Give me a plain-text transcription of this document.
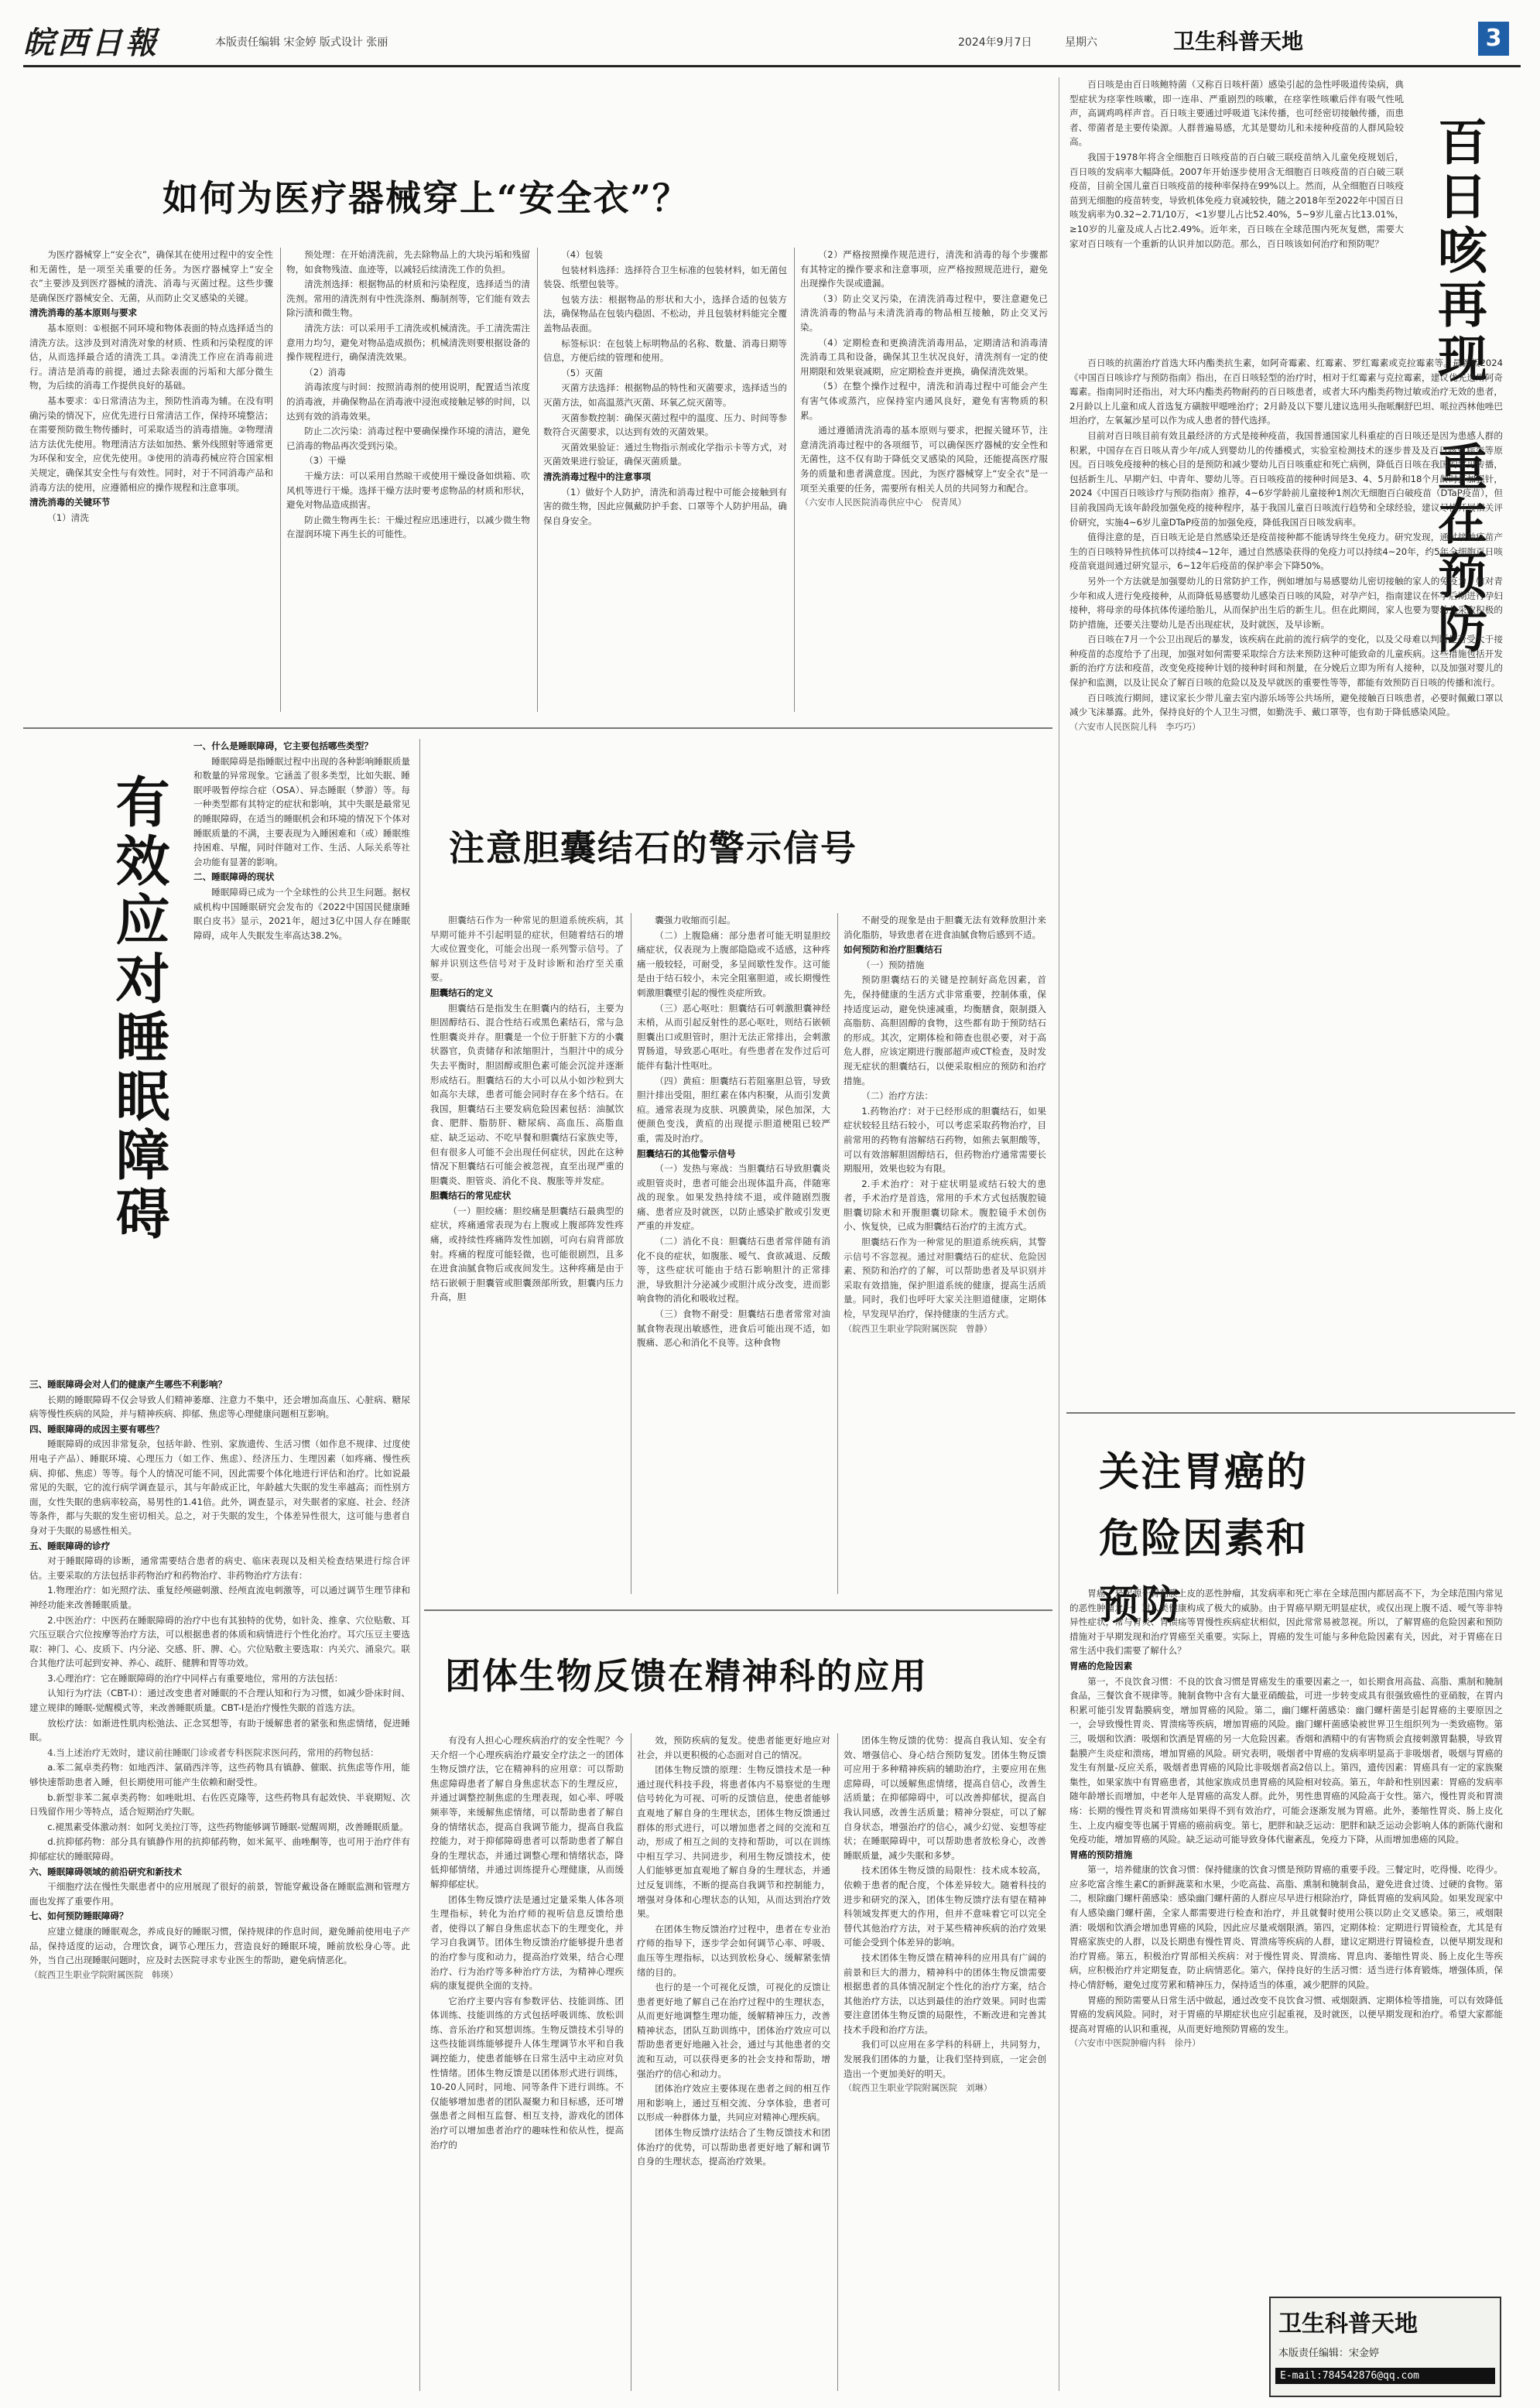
皖西日報	本版责任编辑 宋金婷 版式设计 张丽	2024年9月7日	星期六	卫生科普天地	3
如何为医疗器械穿上“安全衣”？

为医疗器械穿上“安全衣”，确保其在使用过程中的安全性和无菌性，是一项至关重要的任务。为医疗器械穿上“安全衣”主要涉及到医疗器械的清洗、消毒与灭菌过程。这些步骤是确保医疗器械安全、无菌，从而防止交叉感染的关键。

清洗消毒的基本原则与要求

基本原则：①根据不同环境和物体表面的特点选择适当的清洗方法。这涉及到对清洗对象的材质、性质和污染程度的评估，从而选择最合适的清洗工具。②清洗工作应在消毒前进行。清洁是消毒的前提，通过去除表面的污垢和大部分微生物，为后续的消毒工作提供良好的基础。

基本要求：①日常清洁为主，预防性消毒为辅。在没有明确污染的情况下，应优先进行日常清洁工作，保持环境整洁；在需要预防微生物传播时，可采取适当的消毒措施。②物理清洁方法优先使用。物理清洁方法如加热、紫外线照射等通常更为环保和安全，应优先使用。③使用的消毒药械应符合国家相关规定，确保其安全性与有效性。同时，对于不同消毒产品和消毒方法的使用，应遵循相应的操作规程和注意事项。

清洗消毒的关键环节

（1）清洗

预处理：在开始清洗前，先去除物品上的大块污垢和残留物，如食物残渣、血迹等，以减轻后续清洗工作的负担。

清洗剂选择：根据物品的材质和污染程度，选择适当的清洗剂。常用的清洗剂有中性洗涤剂、酶制剂等，它们能有效去除污渍和微生物。

清洗方法：可以采用手工清洗或机械清洗。手工清洗需注意用力均匀，避免对物品造成损伤；机械清洗则要根据设备的操作规程进行，确保清洗效果。

（2）消毒

消毒浓度与时间：按照消毒剂的使用说明，配置适当浓度的消毒液，并确保物品在消毒液中浸泡或接触足够的时间，以达到有效的消毒效果。

防止二次污染：消毒过程中要确保操作环境的清洁，避免已消毒的物品再次受到污染。

（3）干燥

干燥方法：可以采用自然晾干或使用干燥设备如烘箱、吹风机等进行干燥。选择干燥方法时要考虑物品的材质和形状，避免对物品造成损害。

防止微生物再生长：干燥过程应迅速进行，以减少微生物在湿润环境下再生长的可能性。

（4）包装

包装材料选择：选择符合卫生标准的包装材料，如无菌包装袋、纸塑包装等。

包装方法：根据物品的形状和大小，选择合适的包装方法，确保物品在包装内稳固、不松动，并且包装材料能完全覆盖物品表面。

标签标识：在包装上标明物品的名称、数量、消毒日期等信息，方便后续的管理和使用。

（5）灭菌

灭菌方法选择：根据物品的特性和灭菌要求，选择适当的灭菌方法，如高温蒸汽灭菌、环氧乙烷灭菌等。

灭菌参数控制：确保灭菌过程中的温度、压力、时间等参数符合灭菌要求，以达到有效的灭菌效果。

灭菌效果验证：通过生物指示剂或化学指示卡等方式，对灭菌效果进行验证，确保灭菌质量。

清洗消毒过程中的注意事项

（1）做好个人防护，清洗和消毒过程中可能会接触到有害的微生物，因此应佩戴防护手套、口罩等个人防护用品，确保自身安全。

（2）严格按照操作规范进行，清洗和消毒的每个步骤都有其特定的操作要求和注意事项，应严格按照规范进行，避免出现操作失误或遗漏。

（3）防止交叉污染，在清洗消毒过程中，要注意避免已清洗消毒的物品与未清洗消毒的物品相互接触，防止交叉污染。

（4）定期检查和更换清洗消毒用品，定期清洁和消毒清洗消毒工具和设备，确保其卫生状况良好，清洗剂有一定的使用期限和效果衰减期，应定期检查并更换，确保清洗效果。

（5）在整个操作过程中，清洗和消毒过程中可能会产生有害气体或蒸汽，应保持室内通风良好，避免有害物质的积累。

通过遵循清洗消毒的基本原则与要求，把握关键环节，注意清洗消毒过程中的各项细节，可以确保医疗器械的安全性和无菌性，这不仅有助于降低交叉感染的风险，还能提高医疗服务的质量和患者满意度。因此，为医疗器械穿上“安全衣”是一项至关重要的任务，需要所有相关人员的共同努力和配合。

（六安市人民医院消毒供应中心　倪青凤）	百日咳再现　重在预防

百日咳是由百日咳鲍特菌（又称百日咳杆菌）感染引起的急性呼吸道传染病，典型症状为痉挛性咳嗽，即一连串、严重剧烈的咳嗽，在痉挛性咳嗽后伴有吸气性吼声，高调鸡鸣样声音。百日咳主要通过呼吸道飞沫传播，也可经密切接触传播，而患者、带菌者是主要传染源。人群普遍易感，尤其是婴幼儿和未接种疫苗的人群风险较高。

我国于1978年将含全细胞百日咳疫苗的百白破三联疫苗纳入儿童免疫规划后，百日咳的发病率大幅降低。2007年开始逐步使用含无细胞百日咳疫苗的百白破三联疫苗，目前全国儿童百日咳疫苗的接种率保持在99%以上。然而，从全细胞百日咳疫苗到无细胞的疫苗转变，导致机体免疫力衰减较快，随之2018年至2022年中国百日咳发病率为0.32~2.71/10万，<1岁婴儿占比52.40%，5~9岁儿童占比13.01%，≥10岁的儿童及成人占比2.49%。近年来，百日咳在全球范围内死灰复燃，需要大家对百日咳有一个重新的认识并加以防范。那么，百日咳该如何治疗和预防呢？

百日咳的抗菌治疗首选大环内酯类抗生素，如阿奇霉素、红霉素、罗红霉素或克拉霉素等。最新版2024《中国百日咳诊疗与预防指南》指出，在百日咳轻型的治疗时，相对于红霉素与克拉霉素，建议优先选用阿奇霉素。指南同时还指出，对大环内酯类药物耐药的百日咳患者，或者大环内酯类药物过敏或治疗无效的患者，2月龄以上儿童和成人首选复方磺胺甲噁唑治疗；2月龄及以下婴儿建议选用头孢哌酮舒巴坦、哌拉西林他唑巴坦治疗，左氧氟沙星可以作为成人患者的替代选择。

目前对百日咳目前有效且最经济的方式是接种疫苗，我国普通国家儿科重症的百日咳还是因为患感人群的积累，中国存在百日咳从青少年/成人到婴幼儿的传播模式，实验室检测技术的逐步普及及百日咳致病变等原因。百日咳免疫接种的核心目的是预防和减少婴幼儿百日咳重症和死亡病例，降低百日咳在我国的常见传播，包括新生儿、早期产妇、中青年、婴幼儿等。百日咳疫苗的接种时间是3、4、5月龄和18个月龄时打加强针，2024《中国百日咳诊疗与预防指南》推荐，4~6岁学龄前儿童接种1剂次无细胞百白破疫苗（DTaP疫苗），但目前我国尚无该年龄段加强免疫的接种程序，基于我国儿童百日咳流行趋势和全球经验，建议尽快开展相关评价研究，实施4~6岁儿童DTaP疫苗的加强免疫，降低我国百日咳发病率。

值得注意的是，百日咳无论是自然感染还是疫苗接种都不能诱导终生免疫力。研究发现，通过接种疫苗产生的百日咳特异性抗体可以持续4~12年，通过自然感染获得的免疫力可以持续4~20年，约5年全细胞百日咳疫苗衰退间通过研究显示，6~12年后疫苗的保护率会下降50%。

另外一个方法就是加强婴幼儿的日常防护工作，例如增加与易感婴幼儿密切接触的家人的免疫力，如对青少年和成人进行免疫接种，从而降低易感婴幼儿感染百日咳的风险，对孕产妇，指南建议在怀孕后期进行孕妇接种，将母亲的母体抗体传递给胎儿，从而保护出生后的新生儿。但在此期间，家人也要为婴幼儿采取积极的防护措施，还要关注婴幼儿是否出现症状，及时就医，及早诊断。

百日咳在7月一个公卫出现后的暴发，该疾病在此前的流行病学的变化，以及父母难以判断是否受大于接种疫苗的态度给予了出现，加强对如何需要采取综合方法来预防这种可能致命的儿童疾病。这些措施包括开发新的治疗方法和疫苗，改变免疫接种计划的接种时间和剂量，在分娩后立即为所有人接种，以及加强对婴儿的保护和监测，以及让民众了解百日咳的危险以及及早就医的重要性等等，都能有效预防百日咳的传播和流行。

百日咳流行期间，建议家长少带儿童去室内游乐场等公共场所，避免接触百日咳患者，必要时佩戴口罩以减少飞沫暴露。此外，保持良好的个人卫生习惯，如勤洗手、戴口罩等，也有助于降低感染风险。

（六安市人民医院儿科　李巧巧）

有效应对睡眠障碍

一、什么是睡眠障碍，它主要包括哪些类型？

睡眠障碍是指睡眠过程中出现的各种影响睡眠质量和数量的异常现象。它涵盖了很多类型，比如失眠、睡眠呼吸暂停综合症（OSA）、异态睡眠（梦游）等。每一种类型都有其特定的症状和影响，其中失眠是最常见的睡眠障碍，在适当的睡眠机会和环境的情况下个体对睡眠质量的不满，主要表现为入睡困难和（或）睡眠维持困难、早醒，同时伴随对工作、生活、人际关系等社会功能有显著的影响。

二、睡眠障碍的现状

睡眠障碍已成为一个全球性的公共卫生问题。据权威机构中国睡眠研究会发布的《2022中国国民健康睡眠白皮书》显示，2021年，超过3亿中国人存在睡眠障碍，成年人失眠发生率高达38.2%。

三、睡眠障碍会对人们的健康产生哪些不利影响？

长期的睡眠障碍不仅会导致人们精神萎靡、注意力不集中，还会增加高血压、心脏病、糖尿病等慢性疾病的风险，并与精神疾病、抑郁、焦虑等心理健康问题相互影响。

四、睡眠障碍的成因主要有哪些？

睡眠障碍的成因非常复杂，包括年龄、性别、家族遗传、生活习惯（如作息不规律、过度使用电子产品）、睡眠环境、心理压力（如工作、焦虑）、经济压力、生理因素（如疼痛、慢性疾病、抑郁、焦虑）等等。每个人的情况可能不同，因此需要个体化地进行评估和治疗。比如说最常见的失眠，它的流行病学调查显示，其与年龄成正比，年龄越大失眠的发生率越高；而性别方面，女性失眠的患病率较高，易男性的1.41倍。此外，调查显示，对失眠者的家庭、社会、经济等条件，都与失眠的发生密切相关。总之，对于失眠的发生，个体差异性很大，这可能与患者自身对于失眠的易感性相关。

五、睡眠障碍的诊疗

对于睡眠障碍的诊断，通常需要结合患者的病史、临床表现以及相关检查结果进行综合评估。主要采取的方法包括非药物治疗和药物治疗、非药物治疗方法有：

1.物理治疗：如光照疗法、重复经颅磁刺激、经颅直流电刺激等，可以通过调节生理节律和神经功能来改善睡眠质量。

2.中医治疗：中医药在睡眠障碍的治疗中也有其独特的优势，如针灸、推拿、穴位贴敷、耳穴压豆联合穴位按摩等治疗方法，可以根据患者的体质和病情进行个性化治疗。耳穴压豆主要选取：神门、心、皮质下、内分泌、交感、肝、脾、心。穴位贴敷主要选取：内关穴、涌泉穴。联合其他疗法可起到安神、养心、疏肝、健脾和胃等功效。

3.心理治疗：它在睡眠障碍的治疗中同样占有重要地位，常用的方法包括：

认知行为疗法（CBT-I）：通过改变患者对睡眠的不合理认知和行为习惯，如减少卧床时间、建立规律的睡眠-觉醒模式等，来改善睡眠质量。CBT-I是治疗慢性失眠的首选方法。

放松疗法：如渐进性肌肉松弛法、正念冥想等，有助于缓解患者的紧张和焦虑情绪，促进睡眠。

4.当上述治疗无效时，建议前往睡眠门诊或者专科医院求医问药，常用的药物包括：

a.苯二氮卓类药物：如地西泮、氯硝西泮等，这些药物具有镇静、催眠、抗焦虑等作用，能够快速帮助患者入睡，但长期使用可能产生依赖和耐受性。

b.新型非苯二氮卓类药物：如唑吡坦、右佐匹克隆等，这些药物具有起效快、半衰期短、次日残留作用少等特点，适合短期治疗失眠。

c.褪黑素受体激动剂：如阿戈美拉汀等，这些药物能够调节睡眠-觉醒周期，改善睡眠质量。

d.抗抑郁药物：部分具有镇静作用的抗抑郁药物，如米氮平、曲唑酮等，也可用于治疗伴有抑郁症状的睡眠障碍。

六、睡眠障碍领域的前沿研究和新技术

干细胞疗法在慢性失眠患者中的应用展现了很好的前景，智能穿戴设备在睡眠监测和管理方面也发挥了重要作用。

七、如何预防睡眠障碍？

应建立健康的睡眠观念，养成良好的睡眠习惯，保持规律的作息时间，避免睡前使用电子产品，保持适度的运动，合理饮食，调节心理压力，营造良好的睡眠环境，睡前放松身心等。此外，当自己出现睡眠问题时，应及时去医院寻求专业医生的帮助，避免病情恶化。

（皖西卫生职业学院附属医院　韩瑛）

注意胆囊结石的警示信号

胆囊结石作为一种常见的胆道系统疾病，其早期可能并不引起明显的症状，但随着结石的增大或位置变化，可能会出现一系列警示信号。了解并识别这些信号对于及时诊断和治疗至关重要。

胆囊结石的定义

胆囊结石是指发生在胆囊内的结石，主要为胆固醇结石、混合性结石或黑色素结石，常与急性胆囊炎并存。胆囊是一个位于肝脏下方的小囊状器官，负责储存和浓缩胆汁，当胆汁中的成分失去平衡时，胆固醇或胆色素可能会沉淀并逐渐形成结石。胆囊结石的大小可以从小如沙粒到大如高尔夫球，患者可能会同时存在多个结石。在我国，胆囊结石主要发病危险因素包括：油腻饮食、肥胖、脂肪肝、糖尿病、高血压、高脂血症、缺乏运动、不吃早餐和胆囊结石家族史等，但有很多人可能不会出现任何症状，因此在这种情况下胆囊结石可能会被忽视，直至出现严重的胆囊炎、胆管炎、消化不良、腹胀等并发症。

胆囊结石的常见症状

（一）胆绞痛：胆绞痛是胆囊结石最典型的症状，疼痛通常表现为右上腹或上腹部阵发性疼痛，或持续性疼痛阵发性加剧，可向右肩背部放射。疼痛的程度可能轻微，也可能很剧烈，且多在进食油腻食物后或夜间发生。这种疼痛是由于结石嵌顿于胆囊管或胆囊颈部所致，胆囊内压力升高，胆

囊强力收缩而引起。

（二）上腹隐痛：部分患者可能无明显胆绞痛症状，仅表现为上腹部隐隐或不适感，这种疼痛一般较轻，可耐受，多呈间歇性发作。这可能是由于结石较小，未完全阻塞胆道，或长期慢性刺激胆囊壁引起的慢性炎症所致。

（三）恶心呕吐：胆囊结石可刺激胆囊神经末梢，从而引起反射性的恶心呕吐，则结石嵌顿胆囊出口或胆管时，胆汁无法正常排出，会刺激胃肠道，导致恶心呕吐。有些患者在发作过后可能伴有黏汁性呕吐。

（四）黄疸：胆囊结石若阻塞胆总管，导致胆汁排出受阻，胆红素在体内积聚，从而引发黄疸。通常表现为皮肤、巩膜黄染，尿色加深，大便颜色变浅，黄疸的出现提示胆道梗阻已较严重，需及时治疗。

胆囊结石的其他警示信号

（一）发热与寒战：当胆囊结石导致胆囊炎或胆管炎时，患者可能会出现体温升高，伴随寒战的现象。如果发热持续不退，或伴随剧烈腹痛、患者应及时就医，以防止感染扩散或引发更严重的并发症。

（二）消化不良：胆囊结石患者常伴随有消化不良的症状，如腹胀、嗳气、食欲减退、反酸等，这些症状可能由于结石影响胆汁的正常排泄，导致胆汁分泌减少或胆汁成分改变，进而影响食物的消化和吸收过程。

（三）食物不耐受：胆囊结石患者常常对油腻食物表现出敏感性，进食后可能出现不适，如腹痛、恶心和消化不良等。这种食物

不耐受的现象是由于胆囊无法有效释放胆汁来消化脂肪，导致患者在进食油腻食物后感到不适。

如何预防和治疗胆囊结石

（一）预防措施

预防胆囊结石的关键是控制好高危因素，首先，保持健康的生活方式非常重要，控制体重，保持适度运动，避免快速减重，均衡膳食，限制摄入高脂肪、高胆固醇的食物，这些都有助于预防结石的形成。其次，定期体检和筛查也很必要，对于高危人群，应该定期进行腹部超声或CT检查，及时发现无症状的胆囊结石，以便采取相应的预防和治疗措施。

（二）治疗方法：

1.药物治疗：对于已经形成的胆囊结石，如果症状较轻且结石较小，可以考虑采取药物治疗，目前常用的药物有溶解结石药物，如熊去氧胆酸等，可以有效溶解胆固醇结石，但药物治疗通常需要长期服用，效果也较为有限。

2.手术治疗：对于症状明显或结石较大的患者，手术治疗是首选，常用的手术方式包括腹腔镜胆囊切除术和开腹胆囊切除术。腹腔镜手术创伤小、恢复快，已成为胆囊结石治疗的主流方式。

胆囊结石作为一种常见的胆道系统疾病，其警示信号不容忽视。通过对胆囊结石的症状、危险因素、预防和治疗的了解，可以帮助患者及早识别并采取有效措施，保护胆道系统的健康，提高生活质量。同时，我们也呼吁大家关注胆道健康，定期体检，早发现早治疗，保持健康的生活方式。

（皖西卫生职业学院附属医院　曾静）

团体生物反馈在精神科的应用

有没有人担心心理疾病治疗的安全性呢？今天介绍一个心理疾病治疗最安全疗法之一的团体生物反馈疗法，它在精神科的应用章：可以帮助焦虑障碍患者了解自身焦虑状态下的生理反应，并通过调整控制焦虑的生理表现，如心率、呼吸频率等，来缓解焦虑情绪，可以帮助患者了解自身的情绪状态，提高自我调节能力，提高自我监控能力，对于抑郁障碍患者可以帮助患者了解自身的生理状态，并通过调整心理和情绪状态，降低抑郁情绪，并通过训练提升心理健康，从而缓解抑郁症状。

团体生物反馈疗法是通过定量采集人体各项生理指标，转化为治疗师的视听信息反馈给患者，使得以了解自身焦虑状态下的生理变化，并学习自我调节。团体生物反馈治疗能够提升患者的治疗参与度和动力，提高治疗效果，结合心理治疗、行为治疗等多种治疗方法，为精神心理疾病的康复提供全面的支持。

它治疗主要内容有参数评估、技能训练、团体训练、技能训练的方式包括呼吸训练、放松训练、音乐治疗和冥想训练。生物反馈技术引导的这些技能训练能够提升人体生理调节水平和自我调控能力，使患者能够在日常生活中主动应对负性情绪。团体生物反馈是以团体形式进行训练，10-20人同时，同地、同等条件下进行训练。不仅能够增加患者的团队凝聚力和目标感，还可增强患者之间相互监督、相互支持，游戏化的团体治疗可以增加患者治疗的趣味性和依从性，提高治疗的

效，预防疾病的复发。使患者能更好地应对社会，并以更积极的心态面对自己的情况。

团体生物反馈的原理：生物反馈技术是一种通过现代科技手段，将患者体内不易察觉的生理信号转化为可视、可听的反馈信息，使患者能够直观地了解自身的生理状态，团体生物反馈通过群体的形式进行，可以增加患者之间的交流和互动，形成了相互之间的支持和帮助，可以在训练中相互学习、共同进步，利用生物反馈技术，使人们能够更加直观地了解自身的生理状态，并通过反复训练，不断的提高自我调节和控制能力，增强对身体和心理状态的认知，从而达到治疗效果。

在团体生物反馈治疗过程中，患者在专业治疗师的指导下，逐步学会如何调节心率、呼吸、血压等生理指标，以达到放松身心、缓解紧张情绪的目的。

也行的是一个可视化反馈，可视化的反馈让患者更好地了解自己在治疗过程中的生理状态，从而更好地调整生理功能，缓解精神压力，改善精神状态，团队互助训练中，团体治疗效应可以帮助患者更好地融入社会，通过与其他患者的交流和互动，可以获得更多的社会支持和帮助，增强治疗的信心和动力。

团体治疗效应主要体现在患者之间的相互作用和影响上，通过互相交流、分享体验，患者可以形成一种群体力量，共同应对精神心理疾病。

团体生物反馈疗法结合了生物反馈技术和团体治疗的优势，可以帮助患者更好地了解和调节自身的生理状态，提高治疗效果。

团体生物反馈的优势：提高自我认知、安全有效、增强信心、身心结合预防复发。团体生物反馈可应用于多种精神疾病的辅助治疗，主要应用在焦虑障碍，可以缓解焦虑情绪，提高自信心，改善生活质量；在抑郁障碍中，可以改善抑郁状，提高自我认同感，改善生活质量；精神分裂症，可以了解自身状态，增强治疗的信心，减少幻觉、妄想等症状；在睡眠障碍中，可以帮助患者放松身心，改善睡眠质量，减少失眠和多梦。

技术团体生物反馈的局限性：技术成本较高，依赖于患者的配合度，个体差异较大。随着科技的进步和研究的深入，团体生物反馈疗法有望在精神科领域发挥更大的作用，但并不意味着它可以完全替代其他治疗方法，对于某些精神疾病的治疗效果可能会受到个体差异的影响。

技术团体生物反馈在精神科的应用具有广阔的前景和巨大的潜力，精神科中的团体生物反馈需要根据患者的具体情况制定个性化的治疗方案，结合其他治疗方法，以达到最佳的治疗效果。同时也需要注意团体生物反馈的局限性，不断改进和完善其技术手段和治疗方法。

我们可以应用在多学科的科研上，共同努力，发展我们团体的力量，让我们坚持到底，一定会创造出一个更加美好的明天。

（皖西卫生职业学院附属医院　刘琳）

关注胃癌的危险因素和预防

胃癌，是起源于胃黏膜上皮的恶性肿瘤，其发病率和死亡率在全球范围内都居高不下，为全球范围内常见的恶性肿瘤之一，对人类健康构成了极大的威胁。由于胃癌早期无明显症状，或仅出现上腹不适、嗳气等非特异性症状，常与胃炎、胃溃疡等胃慢性疾病症状相似，因此常常易被忽视。所以，了解胃癌的危险因素和预防措施对于早期发现和治疗胃癌至关重要。实际上，胃癌的发生可能与多种危险因素有关，因此，对于胃癌在日常生活中我们需要了解什么？

胃癌的危险因素

第一，不良饮食习惯：不良的饮食习惯是胃癌发生的重要因素之一，如长期食用高盐、高脂、熏制和腌制食品，三餐饮食不规律等。腌制食物中含有大量亚硝酸盐，可进一步转变成具有很强致癌性的亚硝胺，在胃内积累可能引发胃黏膜病变，增加胃癌的风险。第二，幽门螺杆菌感染：幽门螺杆菌是引起胃癌的主要原因之一，会导致慢性胃炎、胃溃疡等疾病，增加胃癌的风险。幽门螺杆菌感染被世界卫生组织列为一类致癌物。第三，吸烟和饮酒：吸烟和饮酒是胃癌的另一大危险因素。香烟和酒精中的有害物质会直接刺激胃黏膜，导致胃黏膜产生炎症和溃疡，增加胃癌的风险。研究表明，吸烟者中胃癌的发病率明显高于非吸烟者，吸烟与胃癌的发生有剂量-反应关系，吸烟者患胃癌的风险比非吸烟者高2倍以上。第四，遗传因素：胃癌具有一定的家族聚集性，如果家族中有胃癌患者，其他家族成员患胃癌的风险相对较高。第五，年龄和性别因素：胃癌的发病率随年龄增长而增加，中老年人是胃癌的高发人群。此外，男性患胃癌的风险高于女性。第六，慢性胃炎和胃溃疡：长期的慢性胃炎和胃溃疡如果得不到有效治疗，可能会逐渐发展为胃癌。此外，萎缩性胃炎、肠上皮化生、上皮内瘤变等也属于胃癌的癌前病变。第七，肥胖和缺乏运动：肥胖和缺乏运动会影响人体的新陈代谢和免疫功能，增加胃癌的风险。缺乏运动可能导致身体代谢紊乱，免疫力下降，从而增加患癌的风险。

胃癌的预防措施

第一，培养健康的饮食习惯：保持健康的饮食习惯是预防胃癌的重要手段。三餐定时，吃得慢、吃得少。应多吃富含维生素C的新鲜蔬菜和水果，少吃高盐、高脂、熏制和腌制食品，避免进食过烫、过硬的食物。第二，根除幽门螺杆菌感染：感染幽门螺杆菌的人群应尽早进行根除治疗，降低胃癌的发病风险。如果发现家中有人感染幽门螺杆菌，全家人都需要进行检查和治疗，并且就餐时使用公筷以防止交叉感染。第三，戒烟限酒：吸烟和饮酒会增加患胃癌的风险，因此应尽量戒烟限酒。第四，定期体检：定期进行胃镜检查，尤其是有胃癌家族史的人群，以及长期患有慢性胃炎、胃溃疡等疾病的人群，建议定期进行胃镜检查，以便早期发现和治疗胃癌。第五，积极治疗胃部相关疾病：对于慢性胃炎、胃溃疡、胃息肉、萎缩性胃炎、肠上皮化生等疾病，应积极治疗并定期复查，防止病情恶化。第六，保持良好的生活习惯：适当进行体育锻炼，增强体质，保持心情舒畅，避免过度劳累和精神压力，保持适当的体重，减少肥胖的风险。

胃癌的预防需要从日常生活中做起，通过改变不良饮食习惯、戒烟限酒、定期体检等措施，可以有效降低胃癌的发病风险。同时，对于胃癌的早期症状也应引起重视，及时就医，以便早期发现和治疗。希望大家都能提高对胃癌的认识和重视，从而更好地预防胃癌的发生。

（六安市中医院肿瘤内科　徐丹）

卫生科普天地
本版责任编辑：宋金婷
E-mail:784542876@qq.com
